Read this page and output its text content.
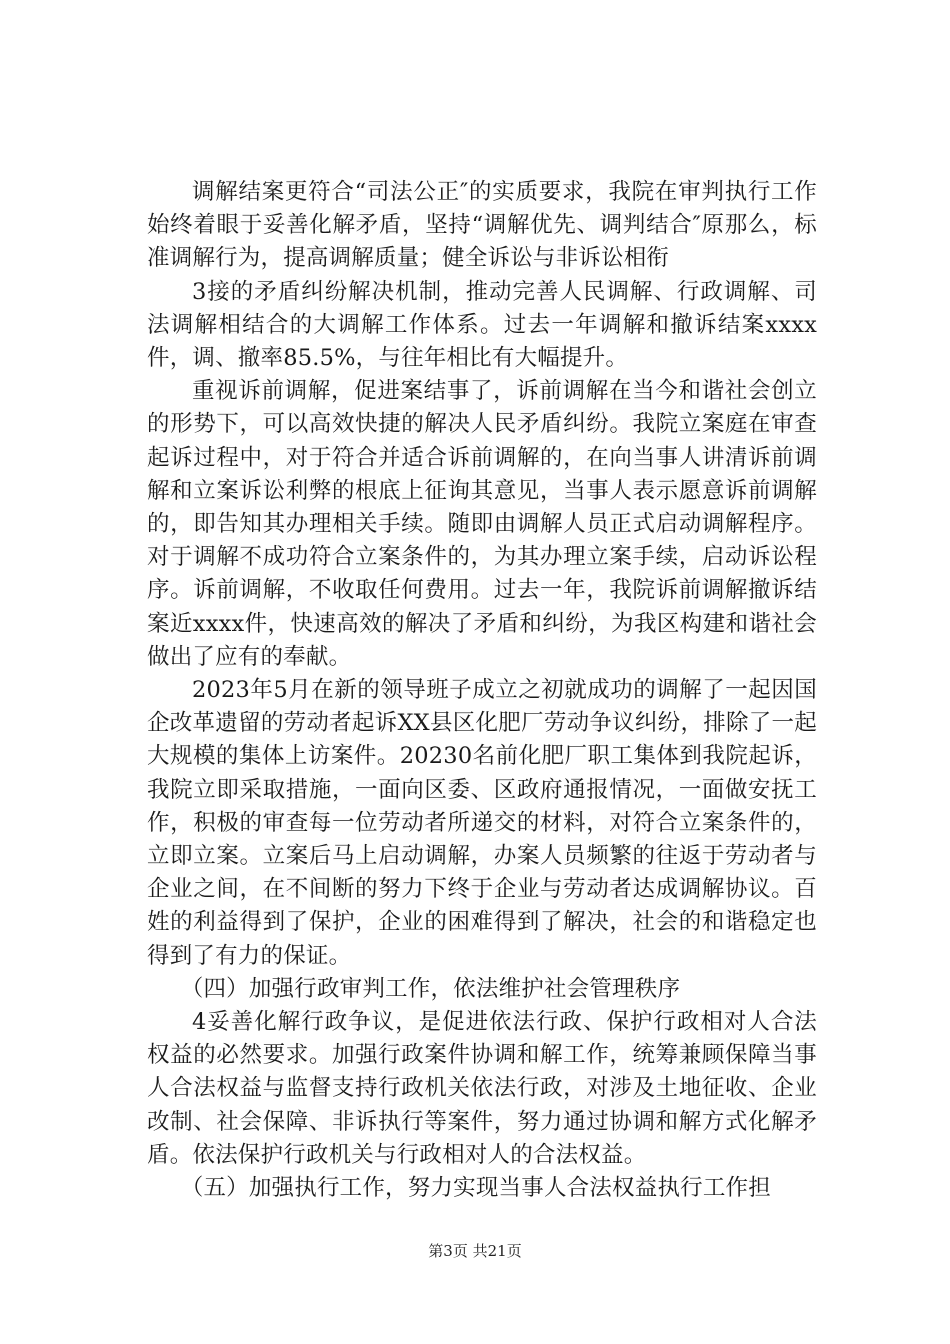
调解结案更符合“司法公正″的实质要求，我院在审判执行工作始终着眼于妥善化解矛盾，坚持“调解优先、调判结合″原那么，标准调解行为，提高调解质量；健全诉讼与非诉讼相衔

3接的矛盾纠纷解决机制，推动完善人民调解、行政调解、司法调解相结合的大调解工作体系。过去一年调解和撤诉结案xxxx件，调、撤率85.5%，与往年相比有大幅提升。

重视诉前调解，促进案结事了，诉前调解在当今和谐社会创立的形势下，可以高效快捷的解决人民矛盾纠纷。我院立案庭在审查起诉过程中，对于符合并适合诉前调解的，在向当事人讲清诉前调解和立案诉讼利弊的根底上征询其意见，当事人表示愿意诉前调解的，即告知其办理相关手续。随即由调解人员正式启动调解程序。对于调解不成功符合立案条件的，为其办理立案手续，启动诉讼程序。诉前调解，不收取任何费用。过去一年，我院诉前调解撤诉结案近xxxx件，快速高效的解决了矛盾和纠纷，为我区构建和谐社会做出了应有的奉献。

2023年5月在新的领导班子成立之初就成功的调解了一起因国企改革遗留的劳动者起诉XX县区化肥厂劳动争议纠纷，排除了一起大规模的集体上访案件。20230名前化肥厂职工集体到我院起诉，我院立即采取措施，一面向区委、区政府通报情况，一面做安抚工作，积极的审查每一位劳动者所递交的材料，对符合立案条件的，立即立案。立案后马上启动调解，办案人员频繁的往返于劳动者与企业之间，在不间断的努力下终于企业与劳动者达成调解协议。百姓的利益得到了保护，企业的困难得到了解决，社会的和谐稳定也得到了有力的保证。

（四）加强行政审判工作，依法维护社会管理秩序

4妥善化解行政争议，是促进依法行政、保护行政相对人合法权益的必然要求。加强行政案件协调和解工作，统筹兼顾保障当事人合法权益与监督支持行政机关依法行政，对涉及土地征收、企业改制、社会保障、非诉执行等案件，努力通过协调和解方式化解矛盾。依法保护行政机关与行政相对人的合法权益。

（五）加强执行工作，努力实现当事人合法权益执行工作担

第3页 共21页
